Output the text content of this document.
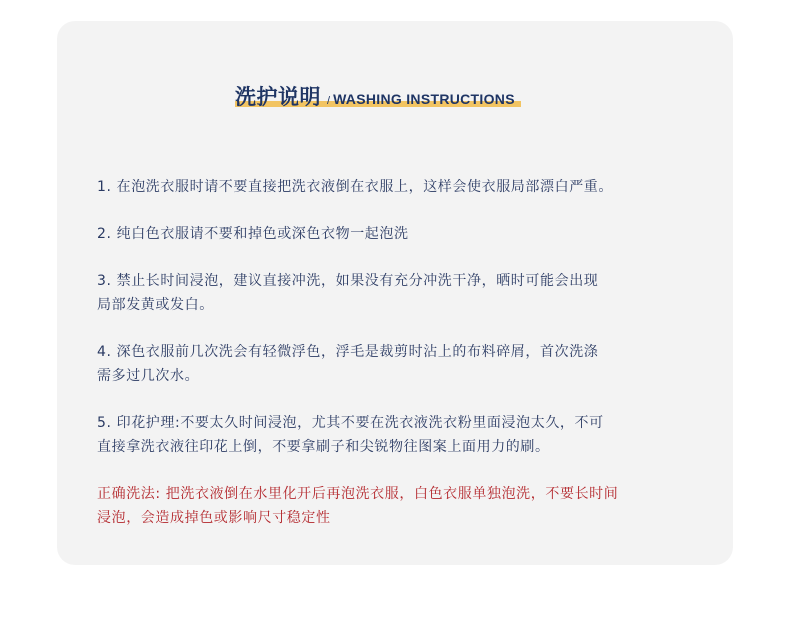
洗护说明 / WASHING INSTRUCTIONS
1. 在泡洗衣服时请不要直接把洗衣液倒在衣服上，这样会使衣服局部漂白严重。
2. 纯白色衣服请不要和掉色或深色衣物一起泡洗
3. 禁止长时间浸泡，建议直接冲洗，如果没有充分冲洗干净，晒时可能会出现
局部发黄或发白。
4. 深色衣服前几次洗会有轻微浮色，浮毛是裁剪时沾上的布料碎屑，首次洗涤
需多过几次水。
5. 印花护理:不要太久时间浸泡，尤其不要在洗衣液洗衣粉里面浸泡太久，不可
直接拿洗衣液往印花上倒，不要拿刷子和尖锐物往图案上面用力的刷。
正确洗法: 把洗衣液倒在水里化开后再泡洗衣服，白色衣服单独泡洗，不要长时间
浸泡，会造成掉色或影响尺寸稳定性
